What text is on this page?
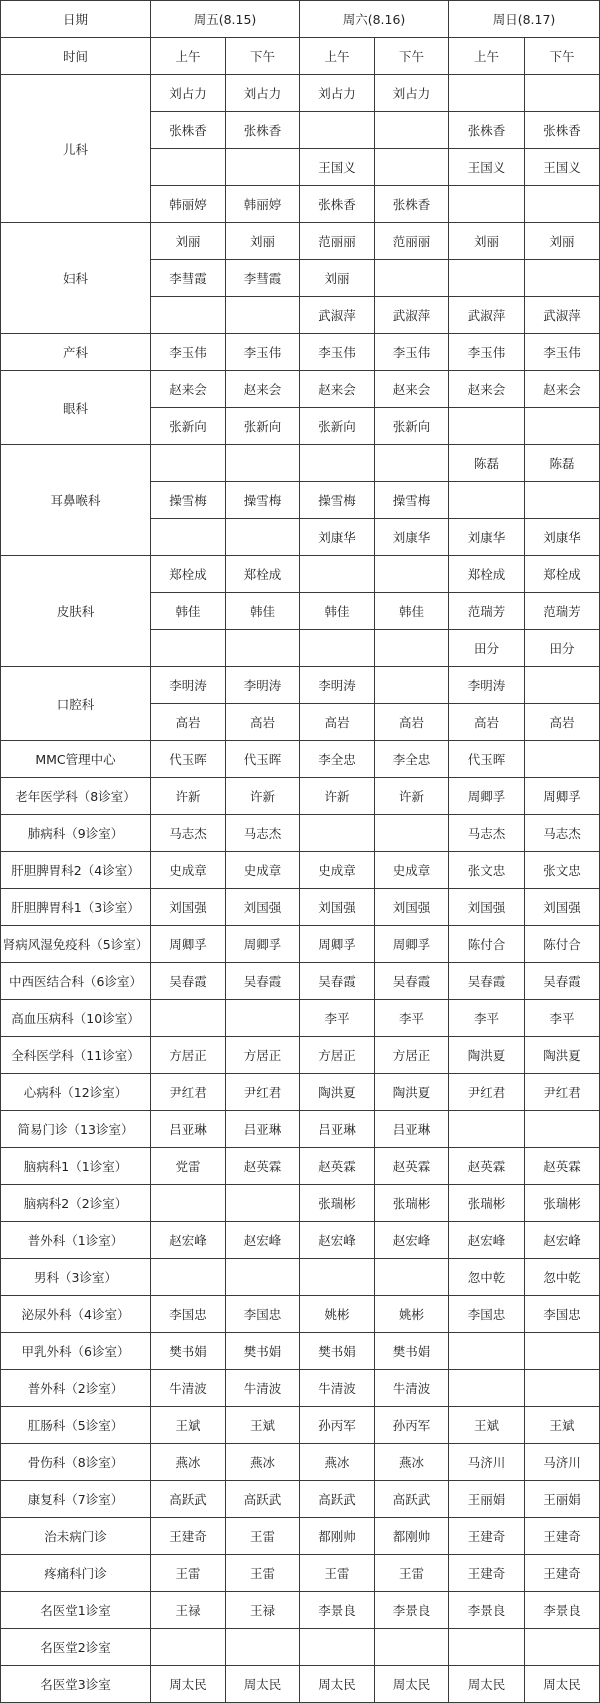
日期	周五(8.15)		周六(8.16)		周日(8.17)	
时间	上午	下午	上午	下午	上午	下午
儿科	刘占力	刘占力	刘占力	刘占力		
	张株香	张株香			张株香	张株香
			王国义		王国义	王国义
	韩丽婷	韩丽婷	张株香	张株香		
妇科	刘丽	刘丽	范丽丽	范丽丽	刘丽	刘丽
	李彗霞	李彗霞	刘丽			
			武淑萍	武淑萍	武淑萍	武淑萍
产科	李玉伟	李玉伟	李玉伟	李玉伟	李玉伟	李玉伟
眼科	赵来会	赵来会	赵来会	赵来会	赵来会	赵来会
	张新向	张新向	张新向	张新向		
耳鼻喉科					陈磊	陈磊
	操雪梅	操雪梅	操雪梅	操雪梅		
			刘康华	刘康华	刘康华	刘康华
皮肤科	郑栓成	郑栓成			郑栓成	郑栓成
	韩佳	韩佳	韩佳	韩佳	范瑞芳	范瑞芳
					田分	田分
口腔科	李明涛	李明涛	李明涛		李明涛	
	高岩	高岩	高岩	高岩	高岩	高岩
MMC管理中心	代玉晖	代玉晖	李全忠	李全忠	代玉晖	
老年医学科（8诊室）	许新	许新	许新	许新	周卿孚	周卿孚
肺病科（9诊室）	马志杰	马志杰			马志杰	马志杰
肝胆脾胃科2（4诊室）	史成章	史成章	史成章	史成章	张文忠	张文忠
肝胆脾胃科1（3诊室）	刘国强	刘国强	刘国强	刘国强	刘国强	刘国强
肾病风湿免疫科（5诊室）	周卿孚	周卿孚	周卿孚	周卿孚	陈付合	陈付合
中西医结合科（6诊室）	吴春霞	吴春霞	吴春霞	吴春霞	吴春霞	吴春霞
高血压病科（10诊室）			李平	李平	李平	李平
全科医学科（11诊室）	方居正	方居正	方居正	方居正	陶洪夏	陶洪夏
心病科（12诊室）	尹红君	尹红君	陶洪夏	陶洪夏	尹红君	尹红君
简易门诊（13诊室）	吕亚琳	吕亚琳	吕亚琳	吕亚琳		
脑病科1（1诊室）	党雷	赵英霖	赵英霖	赵英霖	赵英霖	赵英霖
脑病科2（2诊室）			张瑞彬	张瑞彬	张瑞彬	张瑞彬
普外科（1诊室）	赵宏峰	赵宏峰	赵宏峰	赵宏峰	赵宏峰	赵宏峰
男科（3诊室）					忽中乾	忽中乾
泌尿外科（4诊室）	李国忠	李国忠	姚彬	姚彬	李国忠	李国忠
甲乳外科（6诊室）	樊书娟	樊书娟	樊书娟	樊书娟		
普外科（2诊室）	牛清波	牛清波	牛清波	牛清波		
肛肠科（5诊室）	王斌	王斌	孙丙军	孙丙军	王斌	王斌
骨伤科（8诊室）	燕冰	燕冰	燕冰	燕冰	马济川	马济川
康复科（7诊室）	高跃武	高跃武	高跃武	高跃武	王丽娟	王丽娟
治未病门诊	王建奇	王雷	都刚帅	都刚帅	王建奇	王建奇
疼痛科门诊	王雷	王雷	王雷	王雷	王建奇	王建奇
名医堂1诊室	王禄	王禄	李景良	李景良	李景良	李景良
名医堂2诊室						
名医堂3诊室	周太民	周太民	周太民	周太民	周太民	周太民
